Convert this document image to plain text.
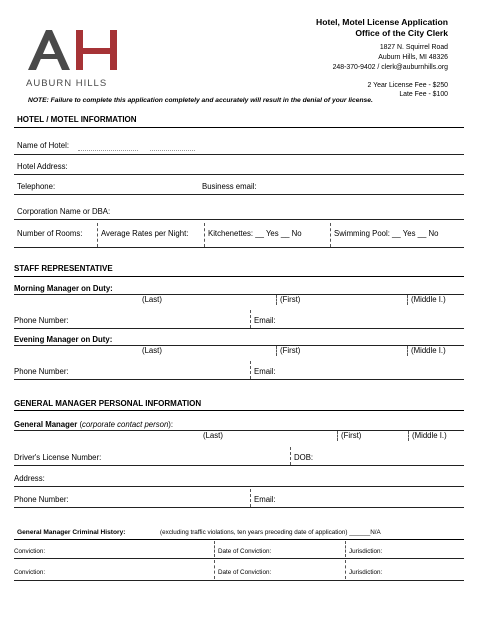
AUBURN HILLS
Hotel, Motel License Application
Office of the City Clerk
1827 N. Squirrel Road
Auburn Hills, MI 48326
248-370-9402 / clerk@auburnhills.org
2 Year License Fee - $250
Late Fee - $100
NOTE: Failure to complete this application completely and accurately will result in the denial of your license.
HOTEL / MOTEL INFORMATION
Name of Hotel:
Hotel Address:
Telephone:	Business email:
Corporation Name or DBA:
Number of Rooms: Average Rates per Night:	Kitchenettes: __ Yes __ No	Swimming Pool: __ Yes __ No
STAFF REPRESENTATIVE
Morning Manager on Duty:
(Last)	(First)	(Middle I.)
Phone Number:	Email:
Evening Manager on Duty:
(Last)	(First)	(Middle I.)
Phone Number:	Email:
GENERAL MANAGER PERSONAL INFORMATION
General Manager (corporate contact person):
(Last)	(First)	(Middle I.)
Driver's License Number:	DOB:
Address:
Phone Number:	Email:
General Manager Criminal History:	(excluding traffic violations, ten years preceding date of application) ______N/A
Conviction:	Date of Conviction:	Jurisdiction:
Conviction:	Date of Conviction:	Jurisdiction:
